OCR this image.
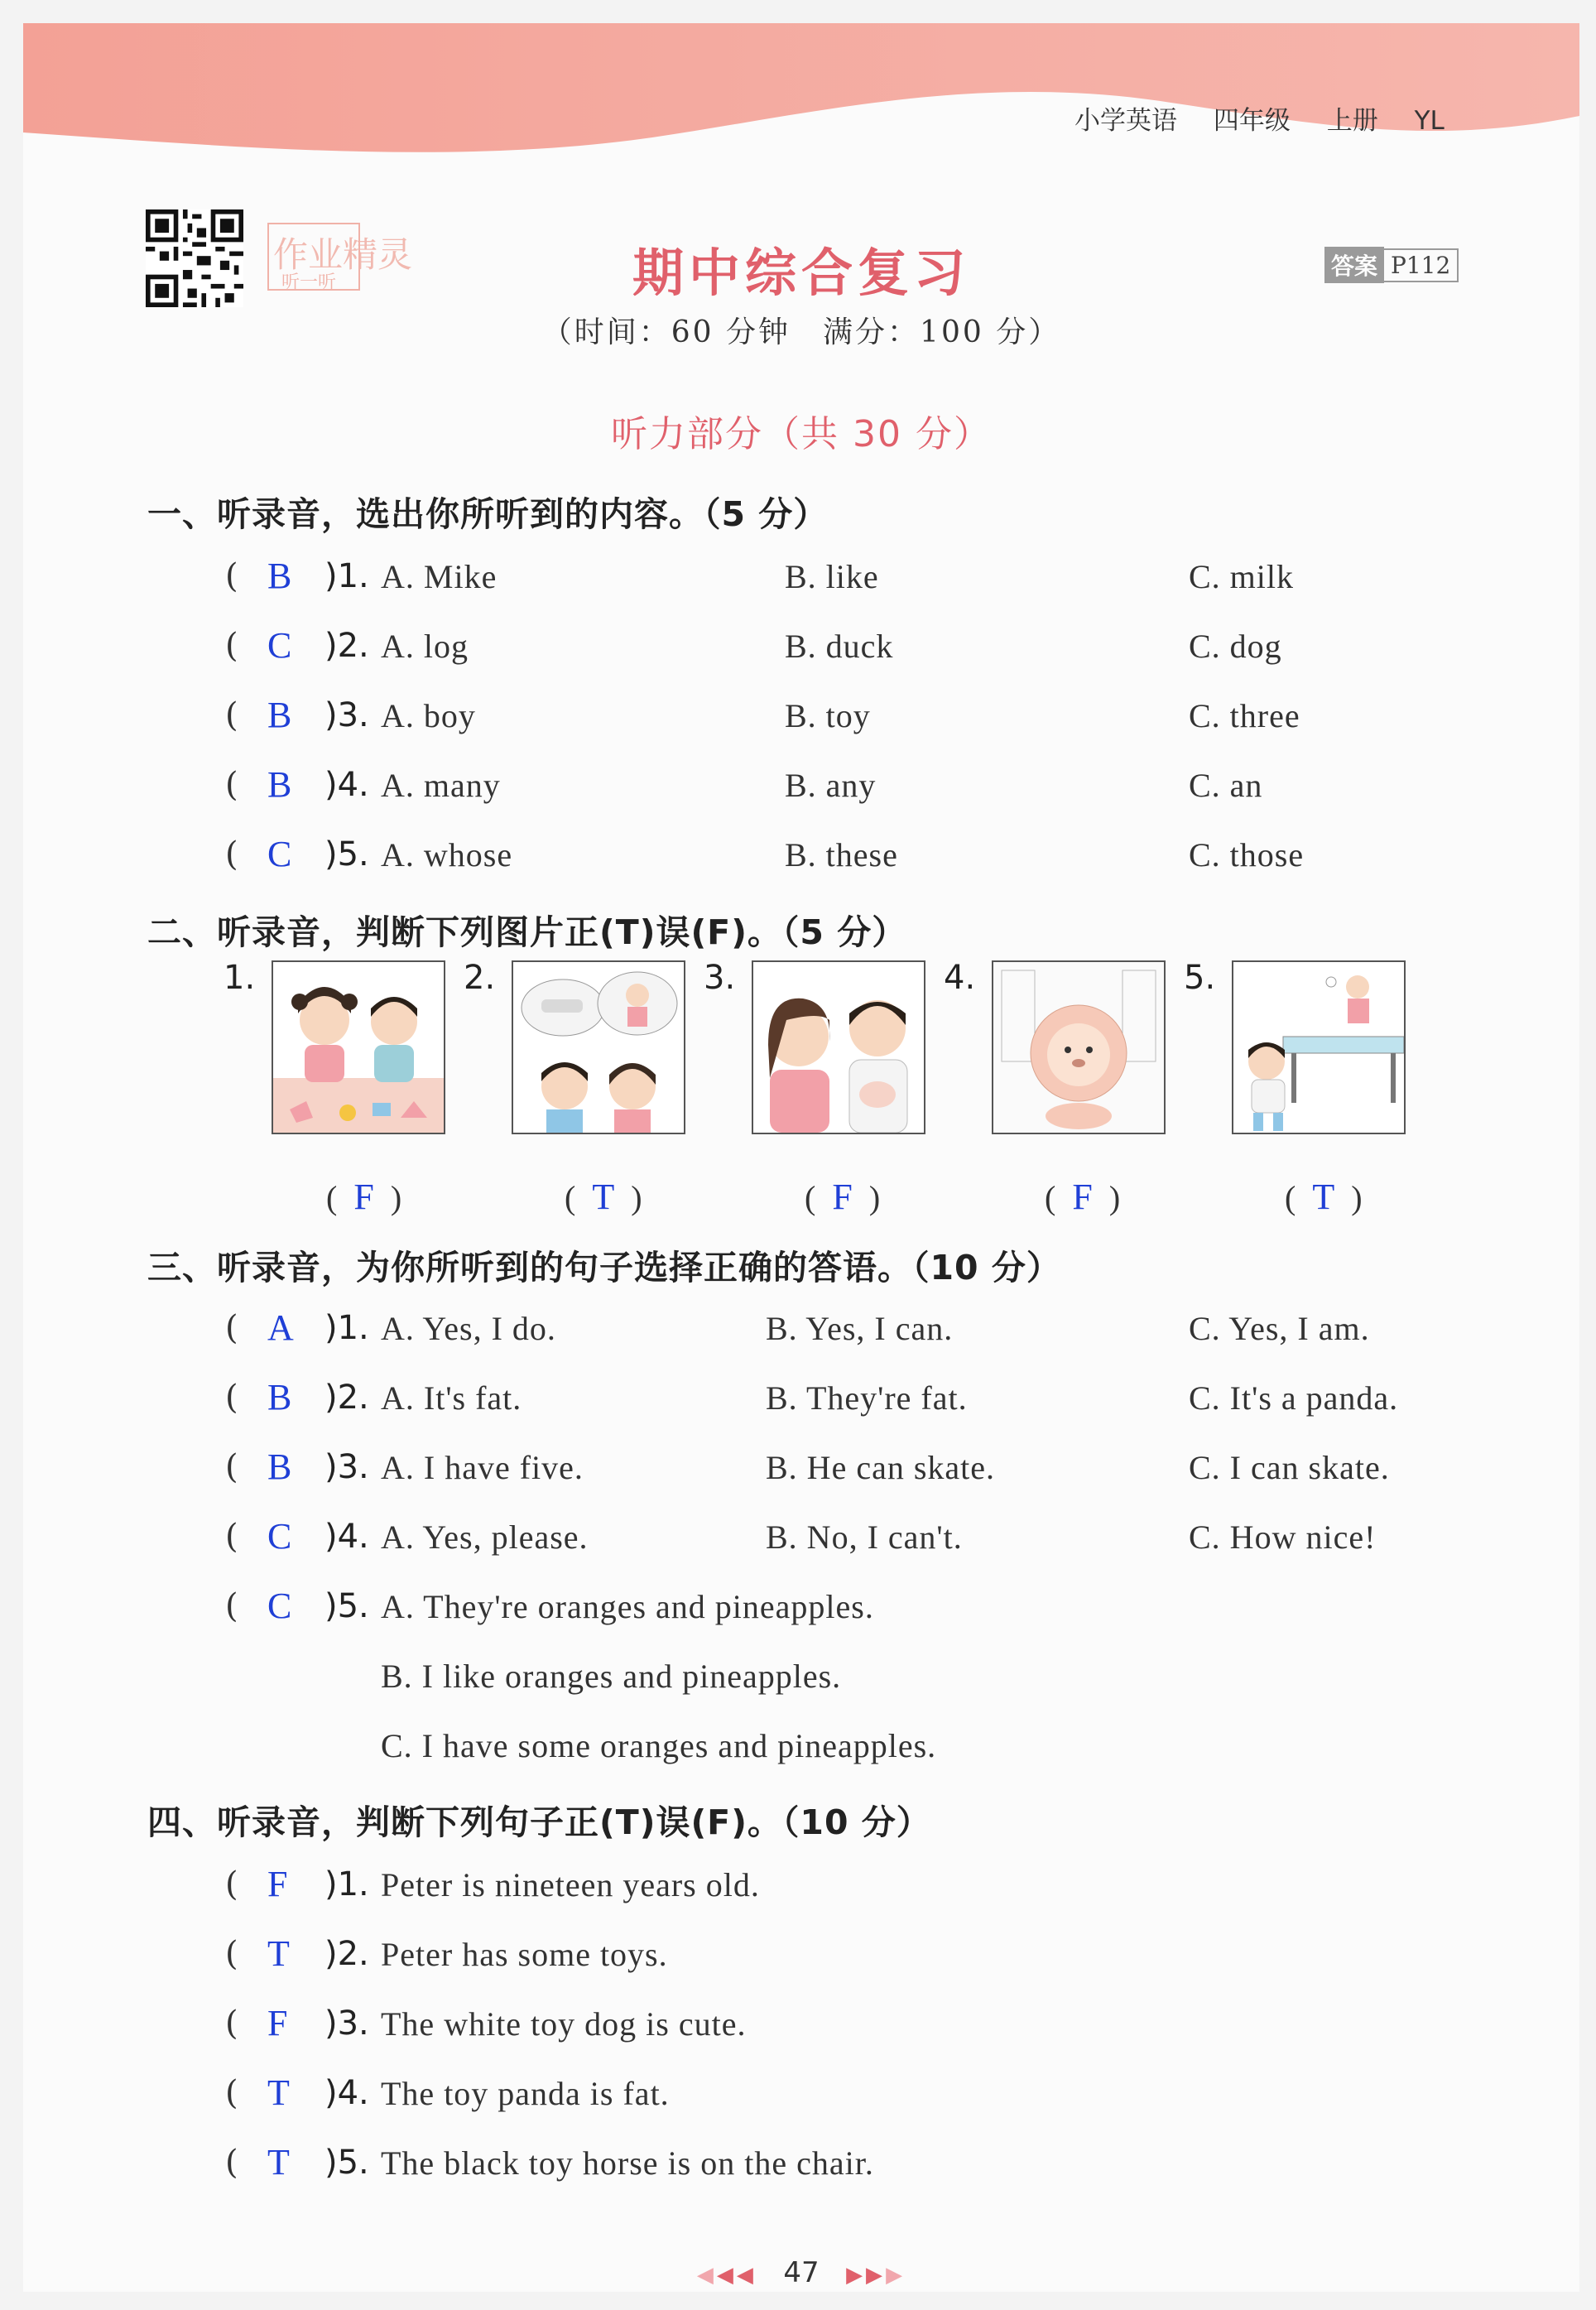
小学英语 四年级 上册 YL
作业精灵
听一听	期中综合复习	答案 P112
（时间：60 分钟　满分：100 分）
听力部分（共 30 分）
一、听录音，选出你所听到的内容。（5 分）
( B )1. A. Mike	B. like	C. milk
( C )2. A. log	B. duck	C. dog
( B )3. A. boy	B. toy	C. three
( B )4. A. many	B. any	C. an
( C )5. A. whose	B. these	C. those
二、听录音，判断下列图片正(T)误(F)。（5 分）
1.
(  F  )
2.
(  T  )
3.
(  F  )
4.
(  F  )
5.
(  T  )
三、听录音，为你所听到的句子选择正确的答语。（10 分）
( A )1. A. Yes, I do.	B. Yes, I can.	C. Yes, I am.
( B )2. A. It's fat.	B. They're fat.	C. It's a panda.
( B )3. A. I have five.	B. He can skate.	C. I can skate.
( C )4. A. Yes, please.	B. No, I can't.	C. How nice!
( C )5. A. They're oranges and pineapples.
B. I like oranges and pineapples.
C. I have some oranges and pineapples.
四、听录音，判断下列句子正(T)误(F)。（10 分）
( F )1. Peter is nineteen years old.
( T )2. Peter has some toys.
( F )3. The white toy dog is cute.
( T )4. The toy panda is fat.
( T )5. The black toy horse is on the chair.
◀◀◀ 47 ▶▶▶
